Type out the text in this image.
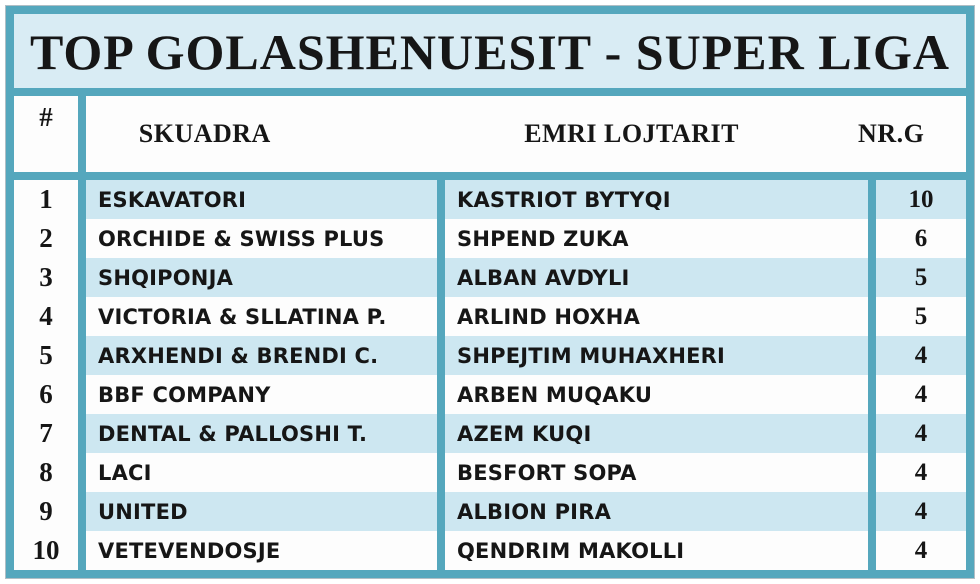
TOP GOLASHENUESIT - SUPER LIGA
#
SKUADRA	EMRI LOJTARIT	NR.G
1
2
3
4
5
6
7
8
9
10
ESKAVATORI
ORCHIDE & SWISS PLUS
SHQIPONJA
VICTORIA & SLLATINA P.
ARXHENDI & BRENDI C.
BBF COMPANY
DENTAL & PALLOSHI T.
LACI
UNITED
VETEVENDOSJE
KASTRIOT BYTYQI
SHPEND ZUKA
ALBAN AVDYLI
ARLIND HOXHA
SHPEJTIM MUHAXHERI
ARBEN MUQAKU
AZEM KUQI
BESFORT SOPA
ALBION PIRA
QENDRIM MAKOLLI
10
6
5
5
4
4
4
4
4
4
